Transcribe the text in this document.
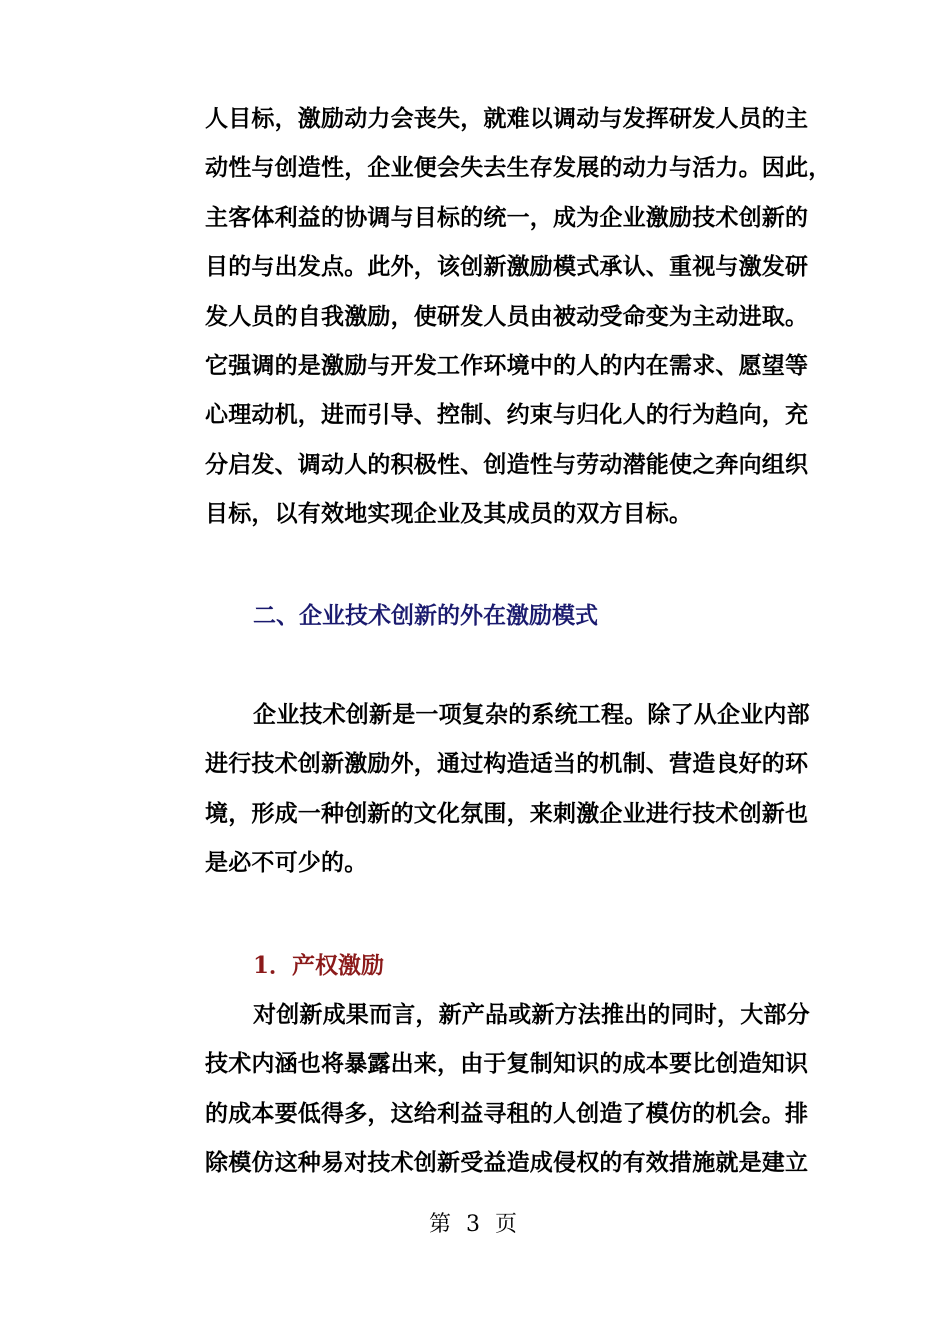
人目标，激励动力会丧失，就难以调动与发挥研发人员的主
动性与创造性，企业便会失去生存发展的动力与活力。因此，
主客体利益的协调与目标的统一，成为企业激励技术创新的
目的与出发点。此外，该创新激励模式承认、重视与激发研
发人员的自我激励，使研发人员由被动受命变为主动进取。
它强调的是激励与开发工作环境中的人的内在需求、愿望等
心理动机，进而引导、控制、约束与归化人的行为趋向，充
分启发、调动人的积极性、创造性与劳动潜能使之奔向组织
目标，以有效地实现企业及其成员的双方目标。
二、企业技术创新的外在激励模式
企业技术创新是一项复杂的系统工程。除了从企业内部
进行技术创新激励外，通过构造适当的机制、营造良好的环
境，形成一种创新的文化氛围，来刺激企业进行技术创新也
是必不可少的。
1．产权激励
对创新成果而言，新产品或新方法推出的同时，大部分
技术内涵也将暴露出来，由于复制知识的成本要比创造知识
的成本要低得多，这给利益寻租的人创造了模仿的机会。排
除模仿这种易对技术创新受益造成侵权的有效措施就是建立
第 3 页
